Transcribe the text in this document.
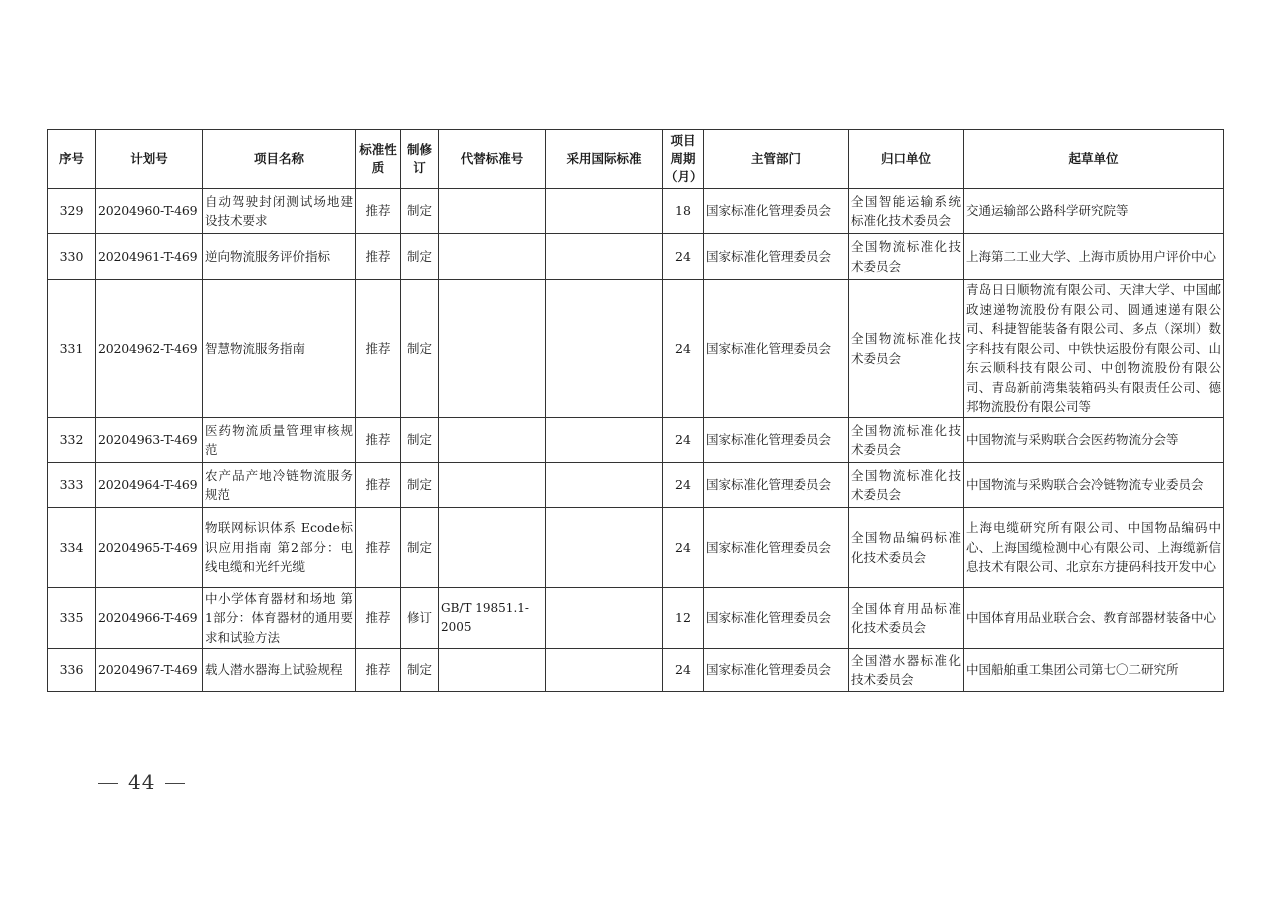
序号	计划号	项目名称	标准性质	制修订	代替标准号	采用国际标准	项目周期（月）	主管部门	归口单位	起草单位
329	20204960-T-469	自动驾驶封闭测试场地建设技术要求	推荐	制定			18	国家标准化管理委员会	全国智能运输系统标准化技术委员会	交通运输部公路科学研究院等
330	20204961-T-469	逆向物流服务评价指标	推荐	制定			24	国家标准化管理委员会	全国物流标准化技术委员会	上海第二工业大学、上海市质协用户评价中心
331	20204962-T-469	智慧物流服务指南	推荐	制定			24	国家标准化管理委员会	全国物流标准化技术委员会	青岛日日顺物流有限公司、天津大学、中国邮政速递物流股份有限公司、圆通速递有限公司、科捷智能装备有限公司、多点（深圳）数字科技有限公司、中铁快运股份有限公司、山东云顺科技有限公司、中创物流股份有限公司、青岛新前湾集装箱码头有限责任公司、德邦物流股份有限公司等
332	20204963-T-469	医药物流质量管理审核规范	推荐	制定			24	国家标准化管理委员会	全国物流标准化技术委员会	中国物流与采购联合会医药物流分会等
333	20204964-T-469	农产品产地冷链物流服务规范	推荐	制定			24	国家标准化管理委员会	全国物流标准化技术委员会	中国物流与采购联合会冷链物流专业委员会
334	20204965-T-469	物联网标识体系 Ecode标识应用指南 第2部分：电线电缆和光纤光缆	推荐	制定			24	国家标准化管理委员会	全国物品编码标准化技术委员会	上海电缆研究所有限公司、中国物品编码中心、上海国缆检测中心有限公司、上海缆新信息技术有限公司、北京东方捷码科技开发中心
335	20204966-T-469	中小学体育器材和场地 第1部分：体育器材的通用要求和试验方法	推荐	修订	GB/T 19851.1-2005		12	国家标准化管理委员会	全国体育用品标准化技术委员会	中国体育用品业联合会、教育部器材装备中心
336	20204967-T-469	载人潜水器海上试验规程	推荐	制定			24	国家标准化管理委员会	全国潜水器标准化技术委员会	中国船舶重工集团公司第七〇二研究所
44
